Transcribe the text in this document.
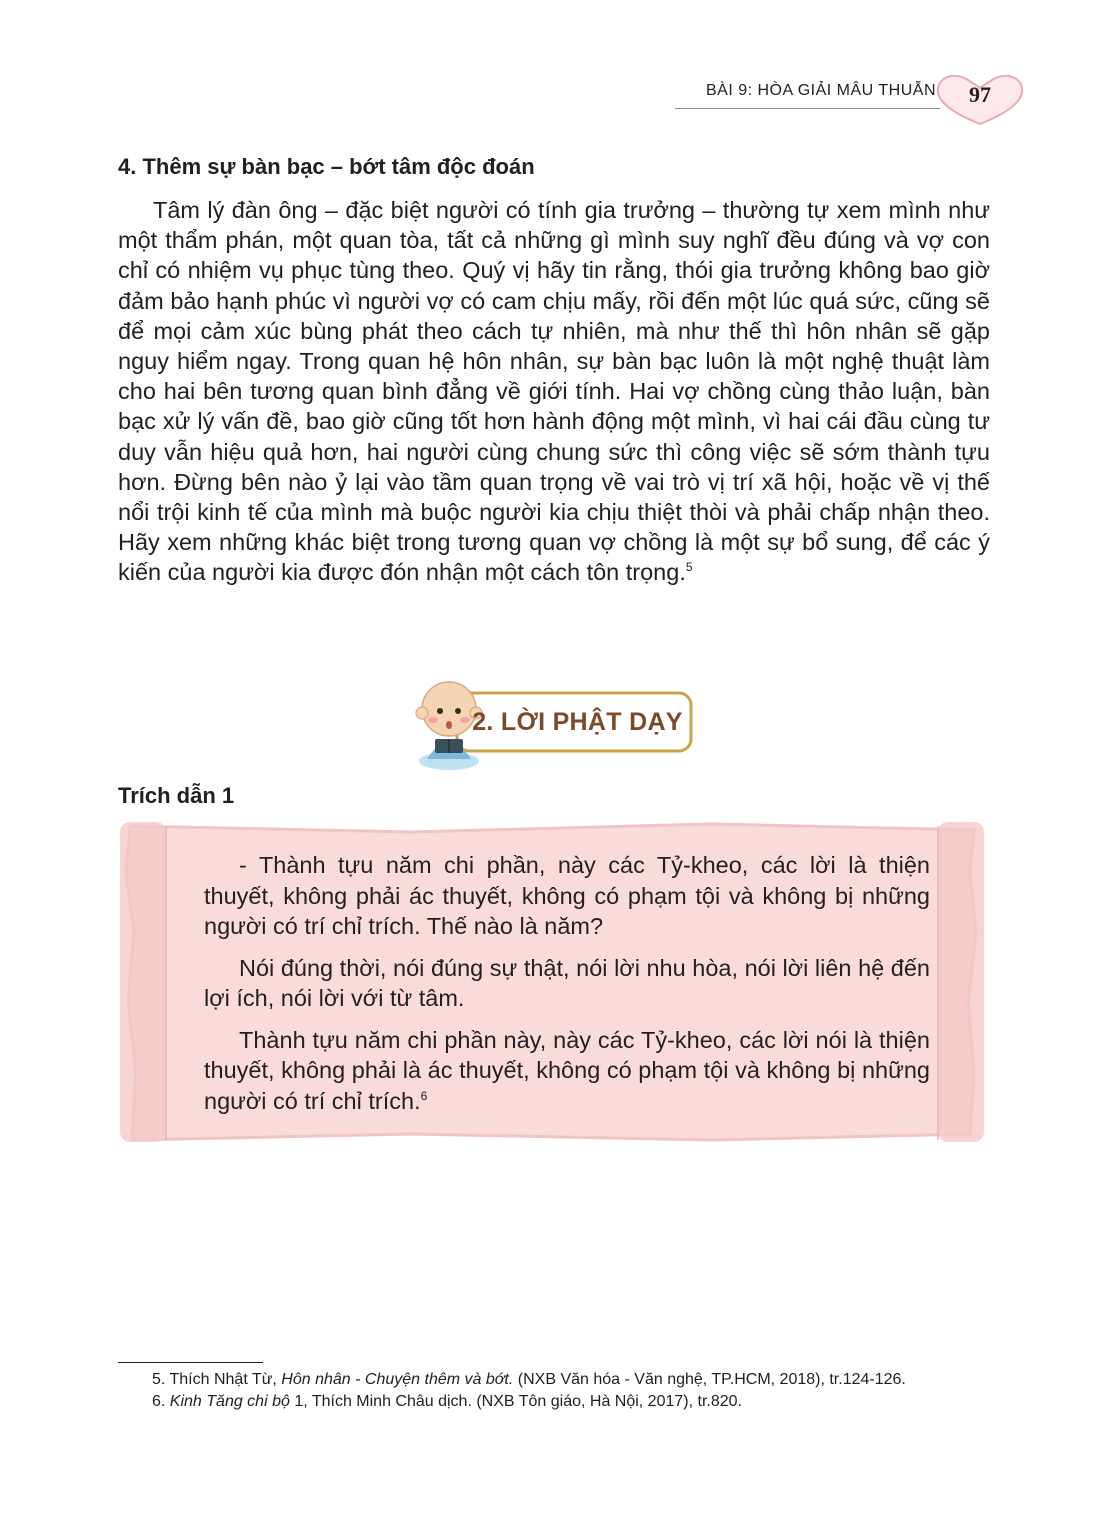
BÀI 9: HÒA GIẢI MÂU THUẪN	97
4. Thêm sự bàn bạc – bớt tâm độc đoán

Tâm lý đàn ông – đặc biệt người có tính gia trưởng – thường tự xem mình như một thẩm phán, một quan tòa, tất cả những gì mình suy nghĩ đều đúng và vợ con chỉ có nhiệm vụ phục tùng theo. Quý vị hãy tin rằng, thói gia trưởng không bao giờ đảm bảo hạnh phúc vì người vợ có cam chịu mấy, rồi đến một lúc quá sức, cũng sẽ để mọi cảm xúc bùng phát theo cách tự nhiên, mà như thế thì hôn nhân sẽ gặp nguy hiểm ngay. Trong quan hệ hôn nhân, sự bàn bạc luôn là một nghệ thuật làm cho hai bên tương quan bình đẳng về giới tính. Hai vợ chồng cùng thảo luận, bàn bạc xử lý vấn đề, bao giờ cũng tốt hơn hành động một mình, vì hai cái đầu cùng tư duy vẫn hiệu quả hơn, hai người cùng chung sức thì công việc sẽ sớm thành tựu hơn. Đừng bên nào ỷ lại vào tầm quan trọng về vai trò vị trí xã hội, hoặc về vị thế nổi trội kinh tế của mình mà buộc người kia chịu thiệt thòi và phải chấp nhận theo. Hãy xem những khác biệt trong tương quan vợ chồng là một sự bổ sung, để các ý kiến của người kia được đón nhận một cách tôn trọng.$^5$

2. LỜI PHẬT DẠY
Trích dẫn 1

- Thành tựu năm chi phần, này các Tỷ-kheo, các lời là thiện thuyết, không phải ác thuyết, không có phạm tội và không bị những người có trí chỉ trích. Thế nào là năm?

Nói đúng thời, nói đúng sự thật, nói lời nhu hòa, nói lời liên hệ đến lợi ích, nói lời với từ tâm.

Thành tựu năm chi phần này, này các Tỷ-kheo, các lời nói là thiện thuyết, không phải là ác thuyết, không có phạm tội và không bị những người có trí chỉ trích.$^6$

5. Thích Nhật Từ, Hôn nhân - Chuyện thêm và bớt. (NXB Văn hóa - Văn nghệ, TP.HCM, 2018), tr.124-126.

6. Kinh Tăng chi bộ 1, Thích Minh Châu dịch. (NXB Tôn giáo, Hà Nội, 2017), tr.820.
